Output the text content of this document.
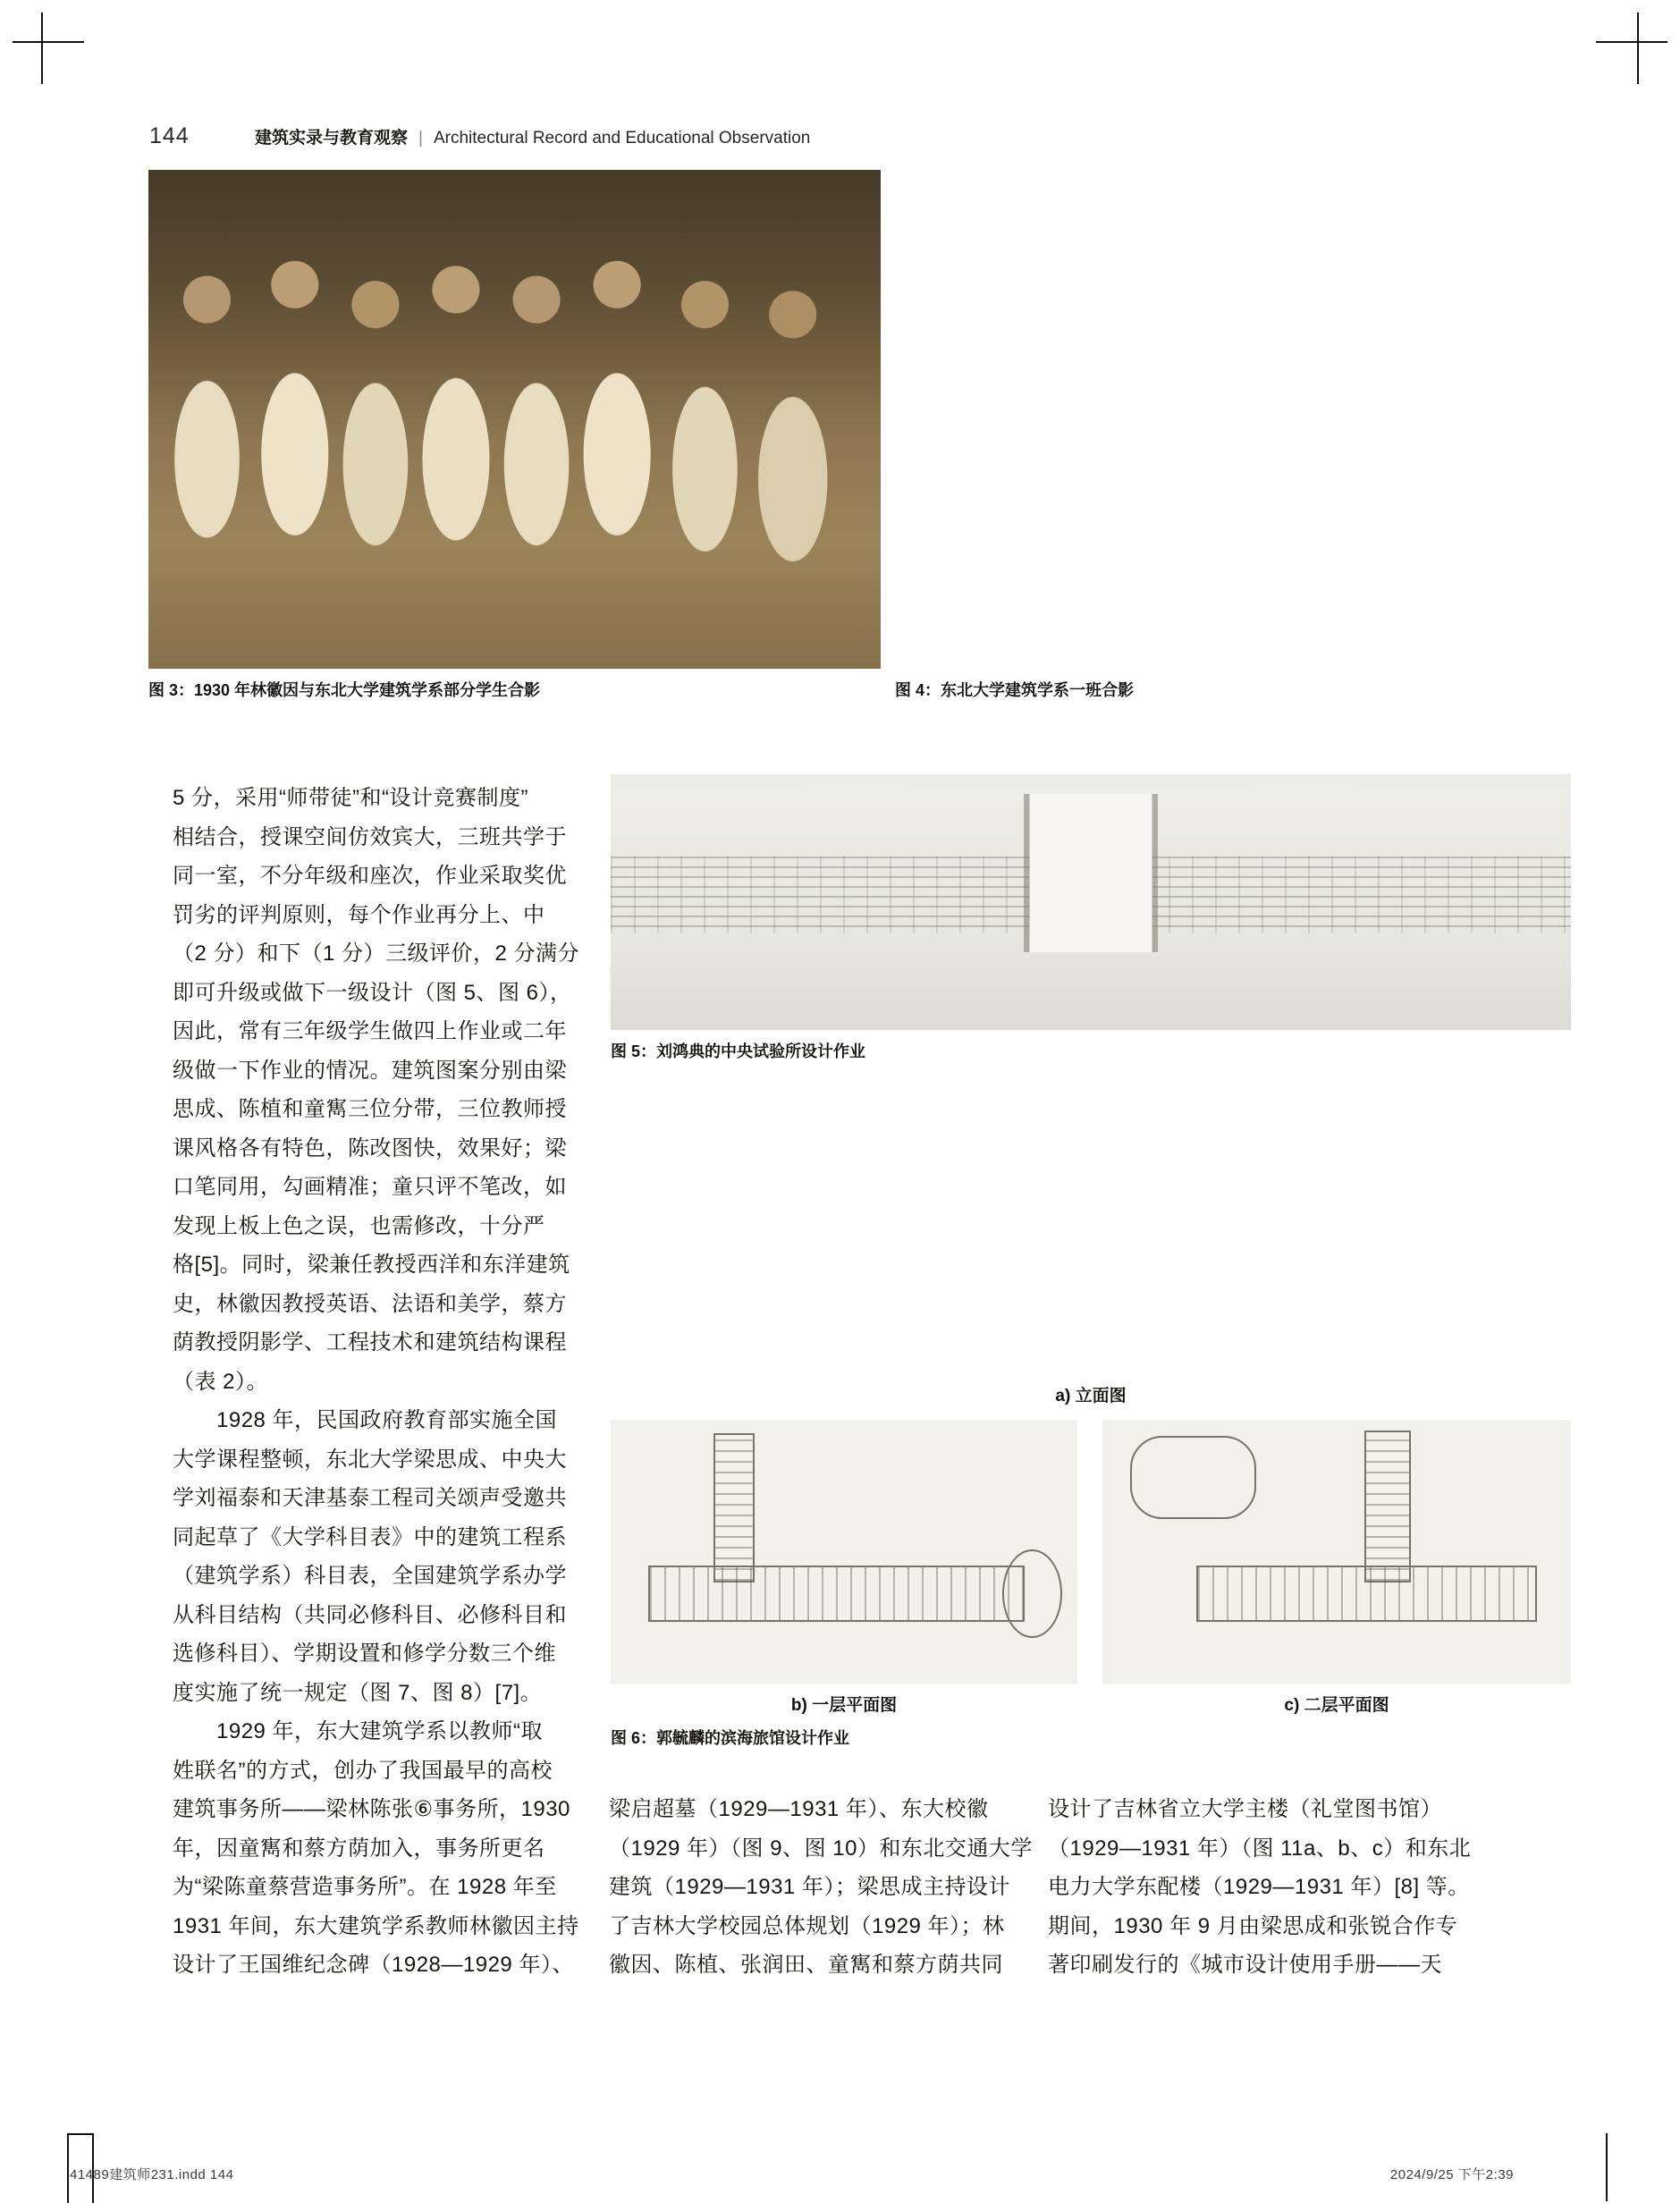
144	建筑实录与教育观察 | Architectural Record and Educational Observation
图 3：1930 年林徽因与东北大学建筑学系部分学生合影	图 4：东北大学建筑学系一班合影
图 5：刘鸿典的中央试验所设计作业
a) 立面图
b) 一层平面图	c) 二层平面图
图 6：郭毓麟的滨海旅馆设计作业
5 分，采用“师带徒”和“设计竞赛制度”
相结合，授课空间仿效宾大，三班共学于
同一室，不分年级和座次，作业采取奖优
罚劣的评判原则，每个作业再分上、中
（2 分）和下（1 分）三级评价，2 分满分
即可升级或做下一级设计（图 5、图 6），
因此，常有三年级学生做四上作业或二年
级做一下作业的情况。建筑图案分别由梁
思成、陈植和童寯三位分带，三位教师授
课风格各有特色，陈改图快，效果好；梁
口笔同用，勾画精准；童只评不笔改，如
发现上板上色之误，也需修改，十分严
格[5]。同时，梁兼任教授西洋和东洋建筑
史，林徽因教授英语、法语和美学，蔡方
荫教授阴影学、工程技术和建筑结构课程
（表 2）。
　　1928 年，民国政府教育部实施全国
大学课程整顿，东北大学梁思成、中央大
学刘福泰和天津基泰工程司关颂声受邀共
同起草了《大学科目表》中的建筑工程系
（建筑学系）科目表，全国建筑学系办学
从科目结构（共同必修科目、必修科目和
选修科目）、学期设置和修学分数三个维
度实施了统一规定（图 7、图 8）[7]。
　　1929 年，东大建筑学系以教师“取
姓联名”的方式，创办了我国最早的高校
建筑事务所——梁林陈张⑥事务所，1930
年，因童寯和蔡方荫加入，事务所更名
为“梁陈童蔡营造事务所”。在 1928 年至
1931 年间，东大建筑学系教师林徽因主持
设计了王国维纪念碑（1928—1929 年）、
梁启超墓（1929—1931 年）、东大校徽
（1929 年）（图 9、图 10）和东北交通大学
建筑（1929—1931 年）；梁思成主持设计
了吉林大学校园总体规划（1929 年）；林
徽因、陈植、张润田、童寯和蔡方荫共同
设计了吉林省立大学主楼（礼堂图书馆）
（1929—1931 年）（图 11a、b、c）和东北
电力大学东配楼（1929—1931 年）[8] 等。
期间，1930 年 9 月由梁思成和张锐合作专
著印刷发行的《城市设计使用手册——天
41489建筑师231.indd 144	2024/9/25 下午2:39
